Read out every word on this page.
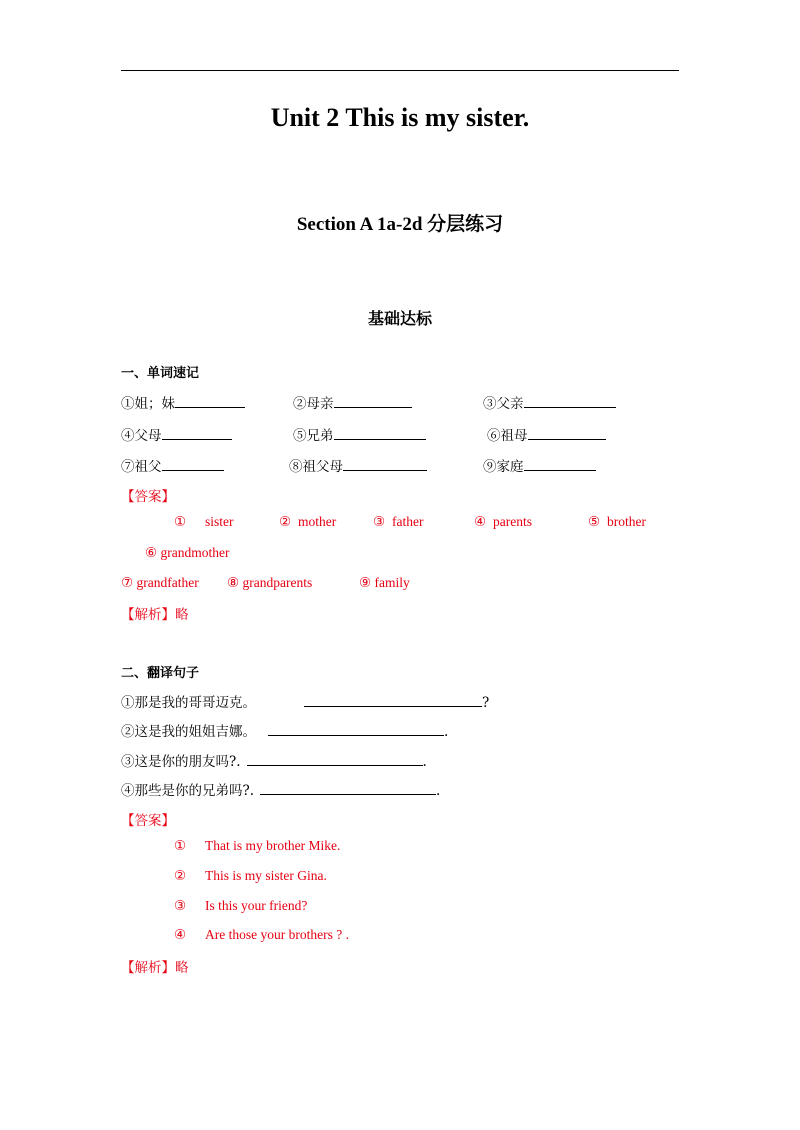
Unit 2 This is my sister.
Section A 1a-2d 分层练习
基础达标
一、单词速记
①姐；妹	②母亲	③父亲
④父母	⑤兄弟	⑥祖母
⑦祖父	⑧祖父母	⑨家庭
【答案】
① sister	② mother	③ father	④ parents	⑤ brother
⑥ grandmother
⑦ grandfather ⑧ grandparents	⑨ family
【解析】略
二、翻译句子
①那是我的哥哥迈克。	?
②这是我的姐姐吉娜。	.
③这是你的朋友吗?.	.
④那些是你的兄弟吗?.	.
【答案】
① That is my brother Mike.
② This is my sister Gina.
③ Is this your friend?
④ Are those your brothers ? .
【解析】略
